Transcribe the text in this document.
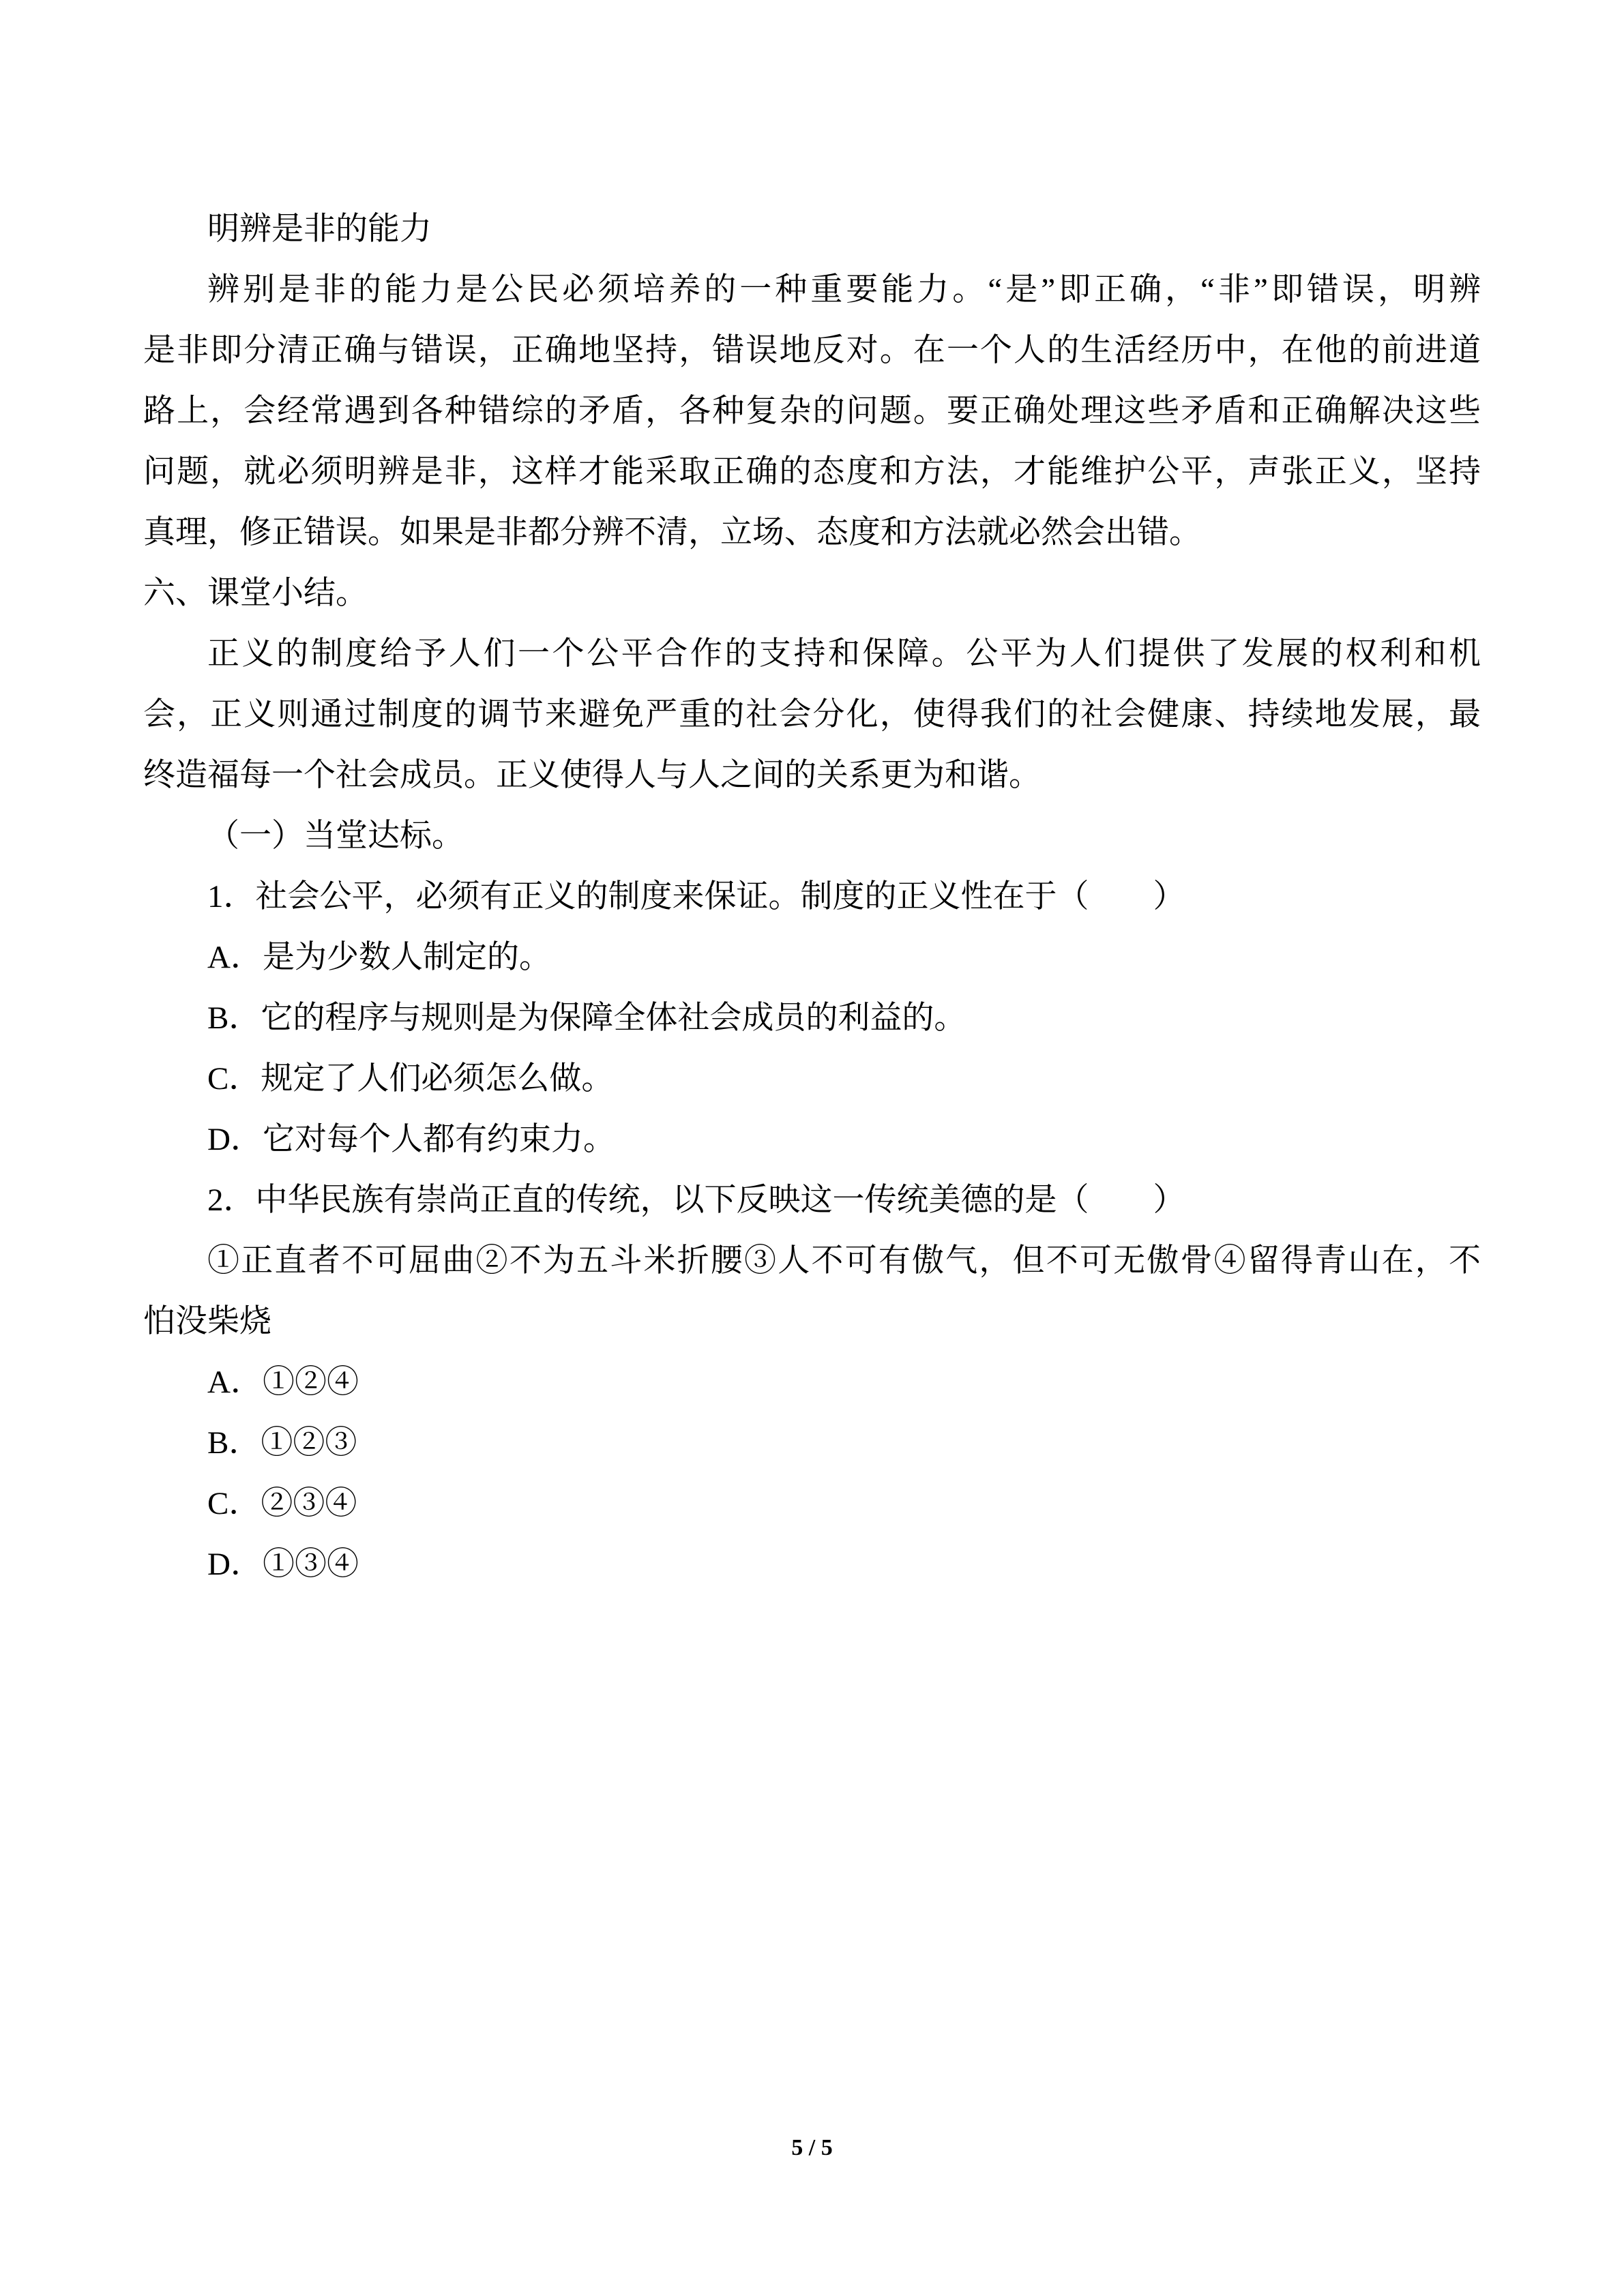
明辨是非的能力
辨别是非的能力是公民必须培养的一种重要能力。“是”即正确，“非”即错误，明辨
是非即分清正确与错误，正确地坚持，错误地反对。在一个人的生活经历中，在他的前进道
路上，会经常遇到各种错综的矛盾，各种复杂的问题。要正确处理这些矛盾和正确解决这些
问题，就必须明辨是非，这样才能采取正确的态度和方法，才能维护公平，声张正义，坚持
真理，修正错误。如果是非都分辨不清，立场、态度和方法就必然会出错。
六、课堂小结。
正义的制度给予人们一个公平合作的支持和保障。公平为人们提供了发展的权利和机
会，正义则通过制度的调节来避免严重的社会分化，使得我们的社会健康、持续地发展，最
终造福每一个社会成员。正义使得人与人之间的关系更为和谐。
（一）当堂达标。
1．社会公平，必须有正义的制度来保证。制度的正义性在于（　　）
A．是为少数人制定的。
B．它的程序与规则是为保障全体社会成员的利益的。
C．规定了人们必须怎么做。
D．它对每个人都有约束力。
2．中华民族有崇尚正直的传统，以下反映这一传统美德的是（　　）
①正直者不可屈曲②不为五斗米折腰③人不可有傲气，但不可无傲骨④留得青山在，不
怕没柴烧
A．①②④
B．①②③
C．②③④
D．①③④
5 / 5
